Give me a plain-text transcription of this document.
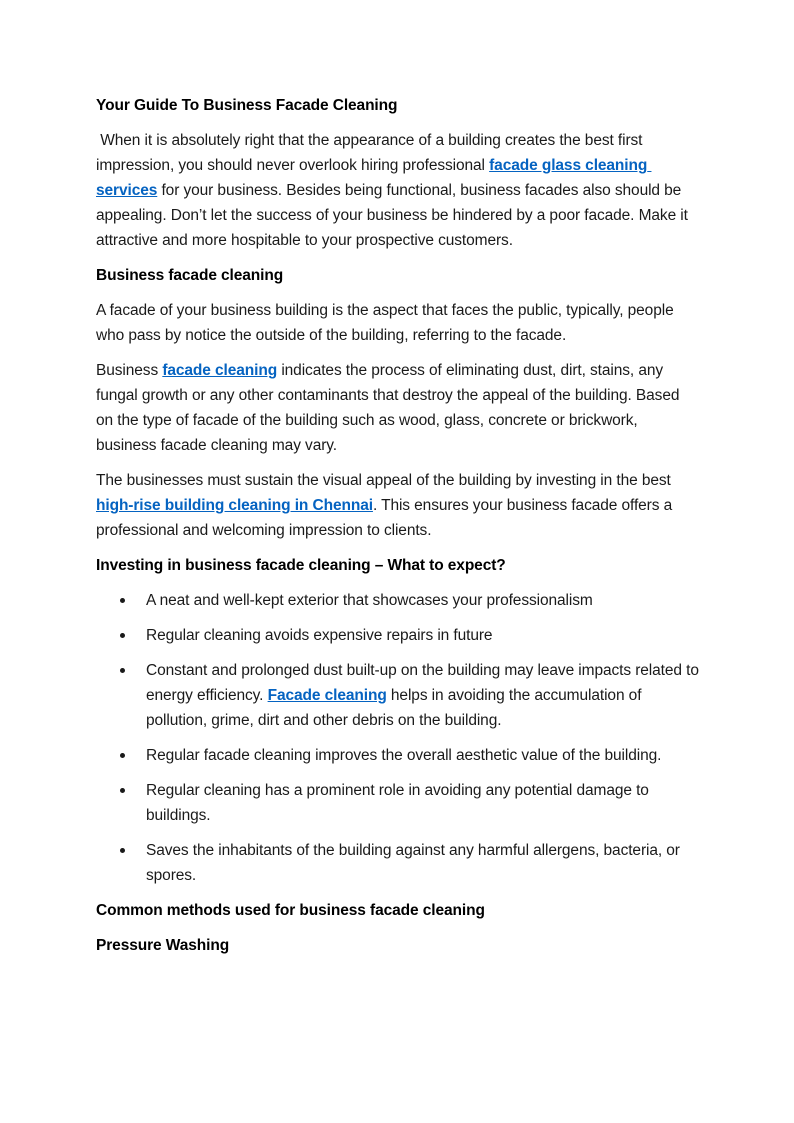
Your Guide To Business Facade Cleaning
When it is absolutely right that the appearance of a building creates the best first impression, you should never overlook hiring professional facade glass cleaning services for your business. Besides being functional, business facades also should be appealing. Don’t let the success of your business be hindered by a poor facade. Make it attractive and more hospitable to your prospective customers.
Business facade cleaning
A facade of your business building is the aspect that faces the public, typically, people who pass by notice the outside of the building, referring to the facade.
Business facade cleaning indicates the process of eliminating dust, dirt, stains, any fungal growth or any other contaminants that destroy the appeal of the building. Based on the type of facade of the building such as wood, glass, concrete or brickwork, business facade cleaning may vary.
The businesses must sustain the visual appeal of the building by investing in the best high-rise building cleaning in Chennai. This ensures your business facade offers a professional and welcoming impression to clients.
Investing in business facade cleaning – What to expect?
A neat and well-kept exterior that showcases your professionalism
Regular cleaning avoids expensive repairs in future
Constant and prolonged dust built-up on the building may leave impacts related to energy efficiency. Facade cleaning helps in avoiding the accumulation of pollution, grime, dirt and other debris on the building.
Regular facade cleaning improves the overall aesthetic value of the building.
Regular cleaning has a prominent role in avoiding any potential damage to buildings.
Saves the inhabitants of the building against any harmful allergens, bacteria, or spores.
Common methods used for business facade cleaning
Pressure Washing
